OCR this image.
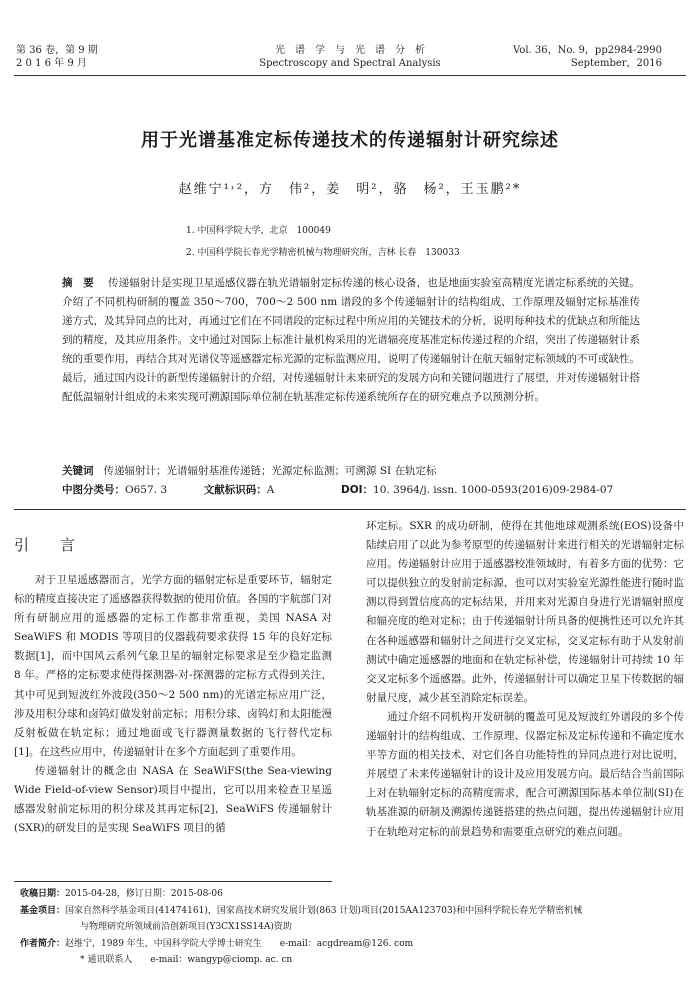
第 36 卷，第 9 期
2 0 1 6 年 9 月
光　谱　学　与　光　谱　分　析
Spectroscopy and Spectral Analysis
Vol. 36，No. 9，pp2984-2990
September，2016
用于光谱基准定标传递技术的传递辐射计研究综述
赵维宁¹˒²，方　伟²，姜　明²，骆　杨²，王玉鹏²*
1. 中国科学院大学，北京　100049
2. 中国科学院长春光学精密机械与物理研究所，吉林 长春　130033
摘　要 传递辐射计是实现卫星遥感仪器在轨光谱辐射定标传递的核心设备，也是地面实验室高精度光谱定标系统的关键。介绍了不同机构研制的覆盖 350～700，700～2 500 nm 谱段的多个传递辐射计的结构组成、工作原理及辐射定标基准传递方式，及其异同点的比对，再通过它们在不同谱段的定标过程中所应用的关键技术的分析，说明每种技术的优缺点和所能达到的精度，及其应用条件。文中通过对国际上标准计量机构采用的光谱辐亮度基准定标传递过程的介绍，突出了传递辐射计系统的重要作用，再结合其对光谱仪等遥感器定标光源的定标监测应用，说明了传递辐射计在航天辐射定标领域的不可或缺性。最后，通过国内设计的新型传递辐射计的介绍，对传递辐射计未来研究的发展方向和关键问题进行了展望，并对传递辐射计搭配低温辐射计组成的未来实现可溯源国际单位制在轨基准定标传递系统所存在的研究难点予以预测分析。
关键词 传递辐射计；光谱辐射基准传递链；光源定标监测；可溯源 SI 在轨定标
中图分类号：O657. 3	文献标识码：A	DOI：10. 3964/j. issn. 1000-0593(2016)09-2984-07
引　言

对于卫星遥感器而言，光学方面的辐射定标是重要环节，辐射定标的精度直接决定了遥感器获得数据的使用价值。各国的宇航部门对所有研制应用的遥感器的定标工作都非常重视，美国 NASA 对 SeaWiFS 和 MODIS 等项目的仪器载荷要求获得 15 年的良好定标数据[1]，而中国风云系列气象卫星的辐射定标要求是至少稳定监测 8 年。严格的定标要求使得探测器-对-探测器的定标方式得到关注，其中可见到短波红外波段(350～2 500 nm)的光谱定标应用广泛，涉及用积分球和卤钨灯做发射前定标；用积分球、卤钨灯和太阳能漫反射板做在轨定标；通过地面或飞行器测量数据的飞行替代定标[1]。在这些应用中，传递辐射计在多个方面起到了重要作用。

传递辐射计的概念由 NASA 在 SeaWiFS(the Sea-viewing Wide Field-of-view Sensor)项目中提出，它可以用来检查卫星遥感器发射前定标用的积分球及其再定标[2]，SeaWiFS 传递辐射计(SXR)的研发目的是实现 SeaWiFS 项目的循

环定标。SXR 的成功研制，使得在其他地球观测系统(EOS)设备中陆续启用了以此为参考原型的传递辐射计来进行相关的光谱辐射定标应用。传递辐射计应用于遥感器校准领域时，有着多方面的优势：它可以提供独立的发射前定标源，也可以对实验室光源性能进行随时监测以得到置信度高的定标结果，并用来对光源自身进行光谱辐射照度和辐亮度的绝对定标；由于传递辐射计所具备的便携性还可以允许其在各种遥感器和辐射计之间进行交叉定标，交叉定标有助于从发射前测试中确定遥感器的地面和在轨定标补偿，传递辐射计可持续 10 年交叉定标多个遥感器。此外，传递辐射计可以确定卫星下传数据的辐射量尺度，减少甚至消除定标误差。

通过介绍不同机构开发研制的覆盖可见及短波红外谱段的多个传递辐射计的结构组成、工作原理、仪器定标及定标传递和不确定度水平等方面的相关技术，对它们各自功能特性的异同点进行对比说明，并展望了未来传递辐射计的设计及应用发展方向。最后结合当前国际上对在轨辐射定标的高精度需求，配合可溯源国际基本单位制(SI)在轨基准源的研制及溯源传递链搭建的热点问题，提出传递辐射计应用于在轨绝对定标的前景趋势和需要重点研究的难点问题。

收稿日期：2015-04-28，修订日期：2015-08-06
基金项目：国家自然科学基金项目(41474161)，国家高技术研究发展计划(863 计划)项目(2015AA123703)和中国科学院长春光学精密机械
与物理研究所领域前沿创新项目(Y3CX1SS14A)资助
作者简介：赵维宁，1989 年生，中国科学院大学博士研究生　　e-mail：acgdream@126. com
* 通讯联系人　　e-mail：wangyp@ciomp. ac. cn
